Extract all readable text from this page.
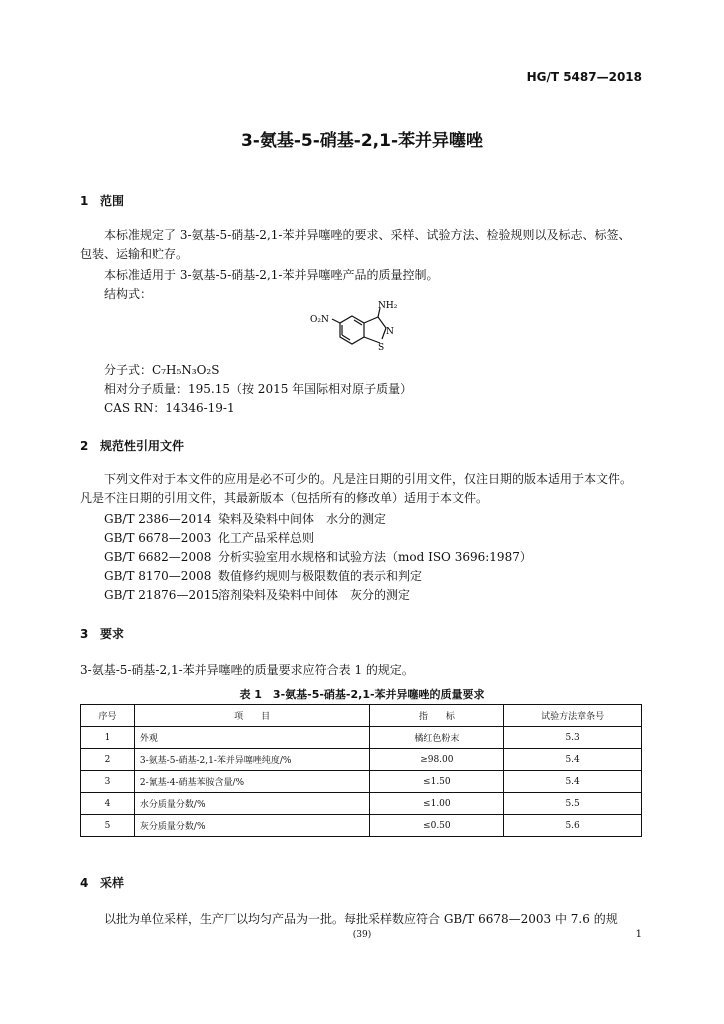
HG/T 5487—2018
3-氨基-5-硝基-2,1-苯并异噻唑
1 范围
本标准规定了 3-氨基-5-硝基-2,1-苯并异噻唑的要求、采样、试验方法、检验规则以及标志、标签、包装、运输和贮存。
本标准适用于 3-氨基-5-硝基-2,1-苯并异噻唑产品的质量控制。
结构式：
NH₂
O₂N
N
S
分子式：C₇H₅N₃O₂S
相对分子质量：195.15（按 2015 年国际相对原子质量）
CAS RN：14346-19-1
2 规范性引用文件
下列文件对于本文件的应用是必不可少的。凡是注日期的引用文件，仅注日期的版本适用于本文件。凡是不注日期的引用文件，其最新版本（包括所有的修改单）适用于本文件。
GB/T 2386—2014 染料及染料中间体　水分的测定
GB/T 6678—2003 化工产品采样总则
GB/T 6682—2008 分析实验室用水规格和试验方法（mod ISO 3696:1987）
GB/T 8170—2008 数值修约规则与极限数值的表示和判定
GB/T 21876—2015溶剂染料及染料中间体　灰分的测定
3 要求
3-氨基-5-硝基-2,1-苯并异噻唑的质量要求应符合表 1 的规定。
表 1　3-氨基-5-硝基-2,1-苯并异噻唑的质量要求
序号	项　　目	指　　标	试验方法章条号
1	外观	橘红色粉末	5.3
2	3-氨基-5-硝基-2,1-苯并异噻唑纯度/%	≥98.00	5.4
3	2-氰基-4-硝基苯胺含量/%	≤1.50	5.4
4	水分质量分数/%	≤1.00	5.5
5	灰分质量分数/%	≤0.50	5.6
4 采样
以批为单位采样，生产厂以均匀产品为一批。每批采样数应符合 GB/T 6678—2003 中 7.6 的规
(39)	1
